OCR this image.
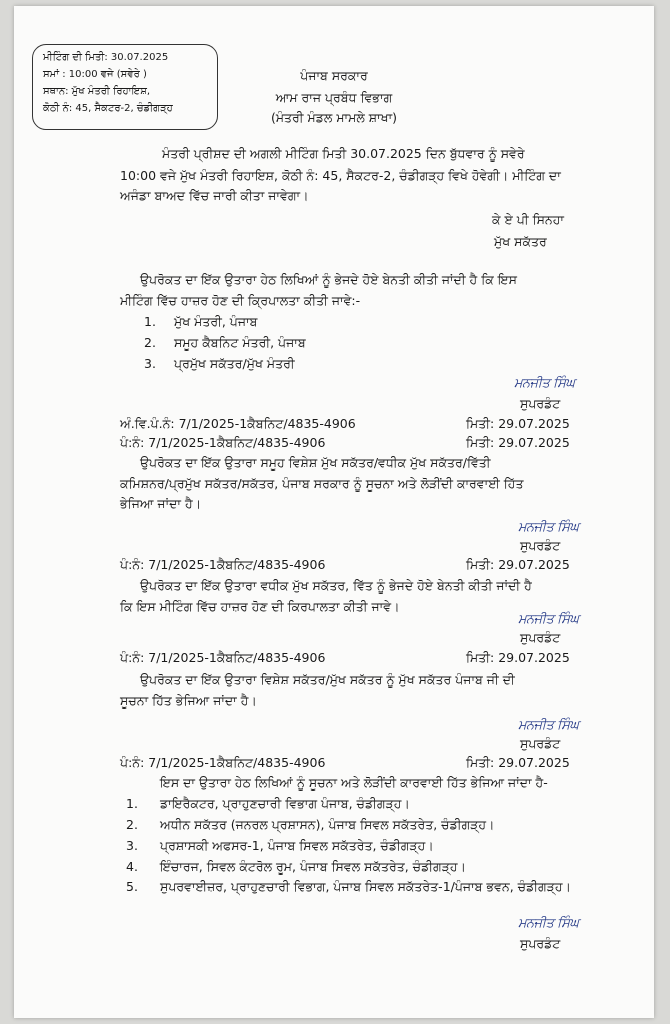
ਮੀਟਿੰਗ ਦੀ ਮਿਤੀ: 30.07.2025
ਸਮਾਂ : 10:00 ਵਜੇ (ਸਵੇਰੇ )
ਸਥਾਨ: ਮੁੱਖ ਮੰਤਰੀ ਰਿਹਾਇਸ਼,
ਕੋਠੀ ਨੰ: 45, ਸੈਕਟਰ-2, ਚੰਡੀਗੜ੍ਹ
ਪੰਜਾਬ ਸਰਕਾਰ
ਆਮ ਰਾਜ ਪ੍ਰਬੰਧ ਵਿਭਾਗ
(ਮੰਤਰੀ ਮੰਡਲ ਮਾਮਲੇ ਸ਼ਾਖਾ)
ਮੰਤਰੀ ਪ੍ਰੀਸ਼ਦ ਦੀ ਅਗਲੀ ਮੀਟਿੰਗ ਮਿਤੀ 30.07.2025 ਦਿਨ ਬੁੱਧਵਾਰ ਨੂੰ ਸਵੇਰੇ
10:00 ਵਜੇ ਮੁੱਖ ਮੰਤਰੀ ਰਿਹਾਇਸ਼, ਕੋਠੀ ਨੰ: 45, ਸੈਕਟਰ-2, ਚੰਡੀਗੜ੍ਹ ਵਿਖੇ ਹੋਵੇਗੀ। ਮੀਟਿੰਗ ਦਾ
ਅਜੰਡਾ ਬਾਅਦ ਵਿੱਚ ਜਾਰੀ ਕੀਤਾ ਜਾਵੇਗਾ।
ਕੇ ਏ ਪੀ ਸਿਨਹਾ
ਮੁੱਖ ਸਕੱਤਰ
ਉਪਰੋਕਤ ਦਾ ਇੱਕ ਉਤਾਰਾ ਹੇਠ ਲਿਖਿਆਂ ਨੂੰ ਭੇਜਦੇ ਹੋਏ ਬੇਨਤੀ ਕੀਤੀ ਜਾਂਦੀ ਹੈ ਕਿ ਇਸ
ਮੀਟਿੰਗ ਵਿੱਚ ਹਾਜ਼ਰ ਹੋਣ ਦੀ ਕ੍ਰਿਪਾਲਤਾ ਕੀਤੀ ਜਾਵੇ:-
1. ਮੁੱਖ ਮੰਤਰੀ, ਪੰਜਾਬ
2. ਸਮੂਹ ਕੈਬਨਿਟ ਮੰਤਰੀ, ਪੰਜਾਬ
3. ਪ੍ਰਮੁੱਖ ਸਕੱਤਰ/ਮੁੱਖ ਮੰਤਰੀ
ਮਨਜੀਤ ਸਿੰਘ
ਸੁਪਰਡੰਟ
ਅੰ.ਵਿ.ਪੰ.ਨੰ: 7/1/2025-1ਕੈਬਨਿਟ/4835-4906	ਮਿਤੀ: 29.07.2025
ਪੰ:ਨੰ: 7/1/2025-1ਕੈਬਨਿਟ/4835-4906	ਮਿਤੀ: 29.07.2025
ਉਪਰੋਕਤ ਦਾ ਇੱਕ ਉਤਾਰਾ ਸਮੂਹ ਵਿਸ਼ੇਸ਼ ਮੁੱਖ ਸਕੱਤਰ/ਵਧੀਕ ਮੁੱਖ ਸਕੱਤਰ/ਵਿੱਤੀ
ਕਮਿਸ਼ਨਰ/ਪ੍ਰਮੁੱਖ ਸਕੱਤਰ/ਸਕੱਤਰ, ਪੰਜਾਬ ਸਰਕਾਰ ਨੂੰ ਸੂਚਨਾ ਅਤੇ ਲੋੜੀਂਦੀ ਕਾਰਵਾਈ ਹਿੱਤ
ਭੇਜਿਆ ਜਾਂਦਾ ਹੈ।
ਮਨਜੀਤ ਸਿੰਘ
ਸੁਪਰਡੰਟ
ਪੰ:ਨੰ: 7/1/2025-1ਕੈਬਨਿਟ/4835-4906	ਮਿਤੀ: 29.07.2025
ਉਪਰੋਕਤ ਦਾ ਇੱਕ ਉਤਾਰਾ ਵਧੀਕ ਮੁੱਖ ਸਕੱਤਰ, ਵਿੱਤ ਨੂੰ ਭੇਜਦੇ ਹੋਏ ਬੇਨਤੀ ਕੀਤੀ ਜਾਂਦੀ ਹੈ
ਕਿ ਇਸ ਮੀਟਿੰਗ ਵਿੱਚ ਹਾਜ਼ਰ ਹੋਣ ਦੀ ਕਿਰਪਾਲਤਾ ਕੀਤੀ ਜਾਵੇ।
ਮਨਜੀਤ ਸਿੰਘ
ਸੁਪਰਡੰਟ
ਪੰ:ਨੰ: 7/1/2025-1ਕੈਬਨਿਟ/4835-4906	ਮਿਤੀ: 29.07.2025
ਉਪਰੋਕਤ ਦਾ ਇੱਕ ਉਤਾਰਾ ਵਿਸ਼ੇਸ਼ ਸਕੱਤਰ/ਮੁੱਖ ਸਕੱਤਰ ਨੂੰ ਮੁੱਖ ਸਕੱਤਰ ਪੰਜਾਬ ਜੀ ਦੀ
ਸੂਚਨਾ ਹਿੱਤ ਭੇਜਿਆ ਜਾਂਦਾ ਹੈ।
ਮਨਜੀਤ ਸਿੰਘ
ਸੁਪਰਡੰਟ
ਪੰ:ਨੰ: 7/1/2025-1ਕੈਬਨਿਟ/4835-4906	ਮਿਤੀ: 29.07.2025
ਇਸ ਦਾ ਉਤਾਰਾ ਹੇਠ ਲਿਖਿਆਂ ਨੂੰ ਸੂਚਨਾ ਅਤੇ ਲੋੜੀਂਦੀ ਕਾਰਵਾਈ ਹਿੱਤ ਭੇਜਿਆ ਜਾਂਦਾ ਹੈ-
1. ਡਾਇਰੈਕਟਰ, ਪ੍ਰਾਹੁਣਚਾਰੀ ਵਿਭਾਗ ਪੰਜਾਬ, ਚੰਡੀਗੜ੍ਹ।
2. ਅਧੀਨ ਸਕੱਤਰ (ਜਨਰਲ ਪ੍ਰਸ਼ਾਸਨ), ਪੰਜਾਬ ਸਿਵਲ ਸਕੱਤਰੇਤ, ਚੰਡੀਗੜ੍ਹ।
3. ਪ੍ਰਸ਼ਾਸਕੀ ਅਫਸਰ-1, ਪੰਜਾਬ ਸਿਵਲ ਸਕੱਤਰੇਤ, ਚੰਡੀਗੜ੍ਹ।
4. ਇੰਚਾਰਜ, ਸਿਵਲ ਕੰਟਰੋਲ ਰੂਮ, ਪੰਜਾਬ ਸਿਵਲ ਸਕੱਤਰੇਤ, ਚੰਡੀਗੜ੍ਹ।
5. ਸੁਪਰਵਾਈਜ਼ਰ, ਪ੍ਰਾਹੁਣਚਾਰੀ ਵਿਭਾਗ, ਪੰਜਾਬ ਸਿਵਲ ਸਕੱਤਰੇਤ-1/ਪੰਜਾਬ ਭਵਨ, ਚੰਡੀਗੜ੍ਹ।
ਮਨਜੀਤ ਸਿੰਘ
ਸੁਪਰਡੰਟ
